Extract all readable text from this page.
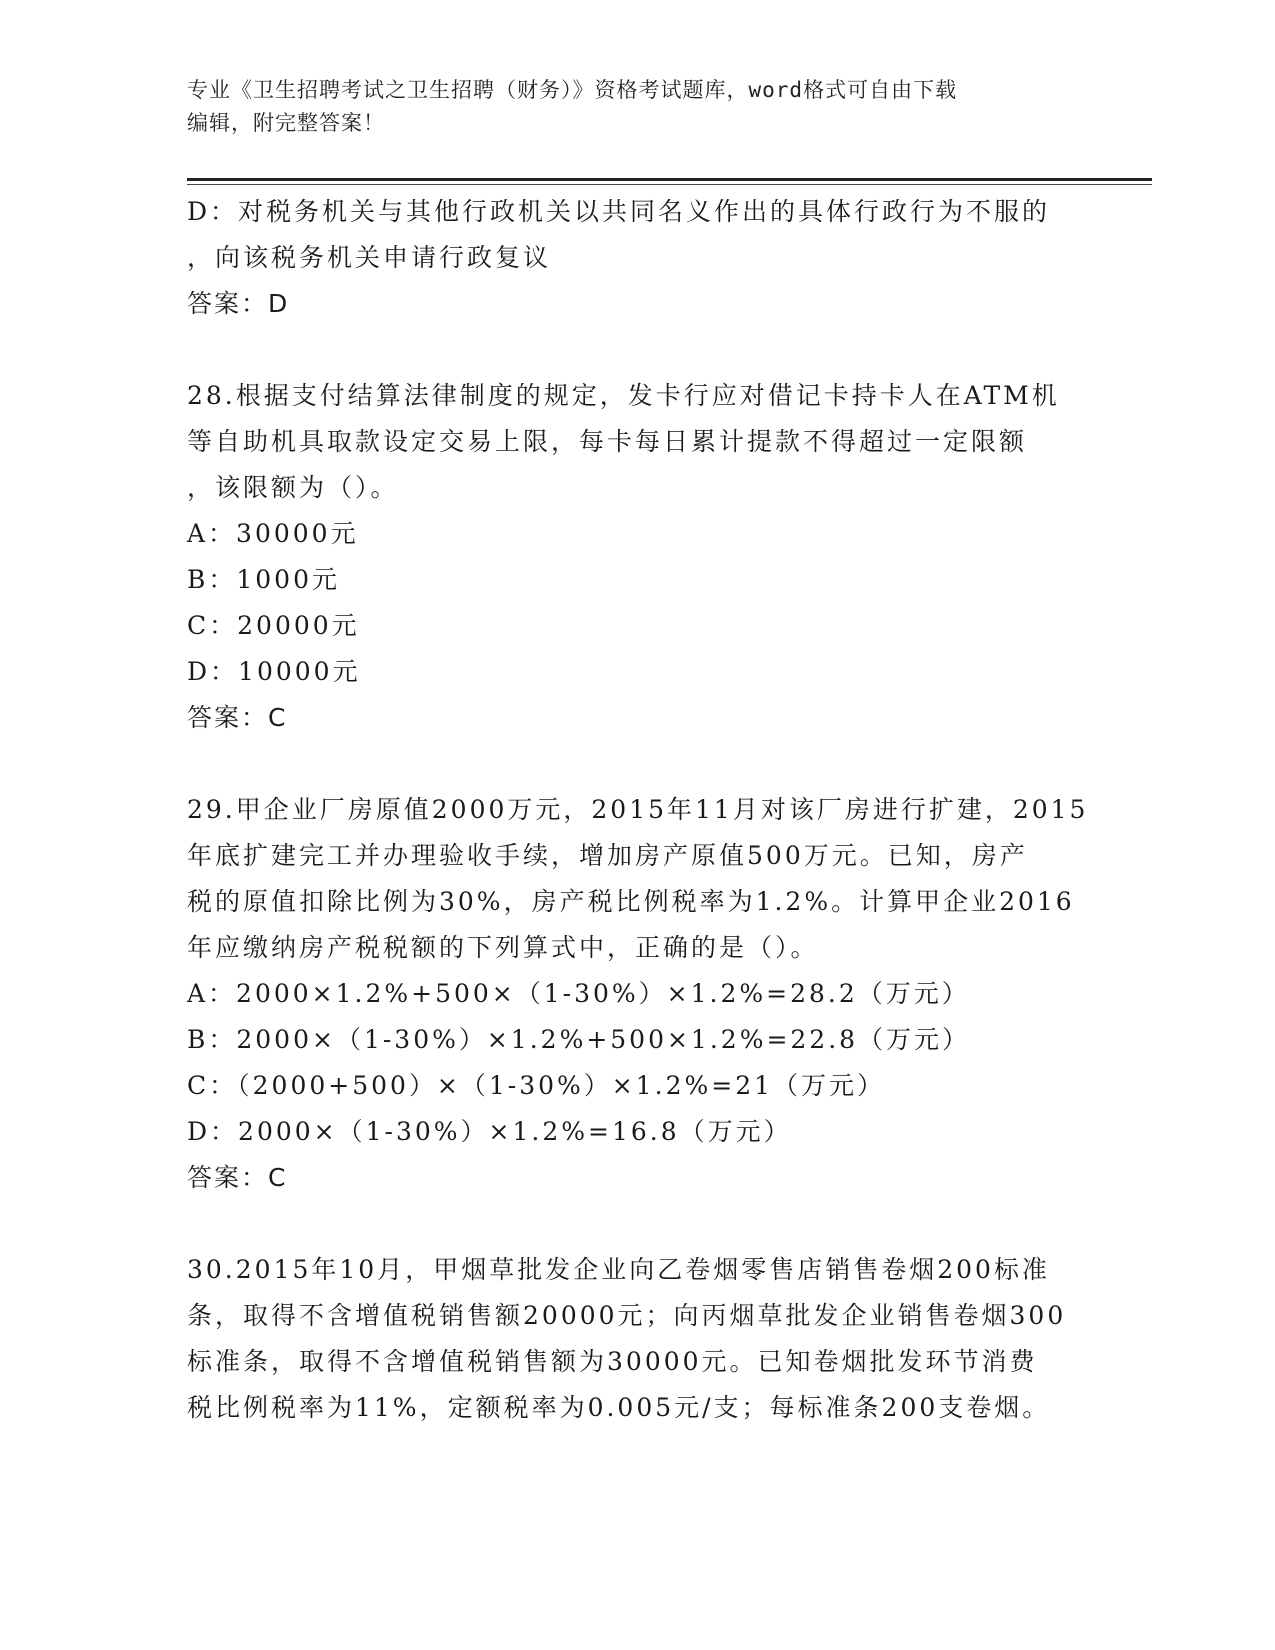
专业《卫生招聘考试之卫生招聘（财务）》资格考试题库，word格式可自由下载

编辑，附完整答案！

D：对税务机关与其他行政机关以共同名义作出的具体行政行为不服的

，向该税务机关申请行政复议

答案：D

28.根据支付结算法律制度的规定，发卡行应对借记卡持卡人在ATM机

等自助机具取款设定交易上限，每卡每日累计提款不得超过一定限额

，该限额为（）。

A：30000元

B：1000元

C：20000元

D：10000元

答案：C

29.甲企业厂房原值2000万元，2015年11月对该厂房进行扩建，2015

年底扩建完工并办理验收手续，增加房产原值500万元。已知，房产

税的原值扣除比例为30%，房产税比例税率为1.2%。计算甲企业2016

年应缴纳房产税税额的下列算式中，正确的是（）。

A：2000×1.2%+500×（1-30%）×1.2%=28.2（万元）

B：2000×（1-30%）×1.2%+500×1.2%=22.8（万元）

C：（2000+500）×（1-30%）×1.2%=21（万元）

D：2000×（1-30%）×1.2%=16.8（万元）

答案：C

30.2015年10月，甲烟草批发企业向乙卷烟零售店销售卷烟200标准

条，取得不含增值税销售额20000元；向丙烟草批发企业销售卷烟300

标准条，取得不含增值税销售额为30000元。已知卷烟批发环节消费

税比例税率为11%，定额税率为0.005元/支；每标准条200支卷烟。
